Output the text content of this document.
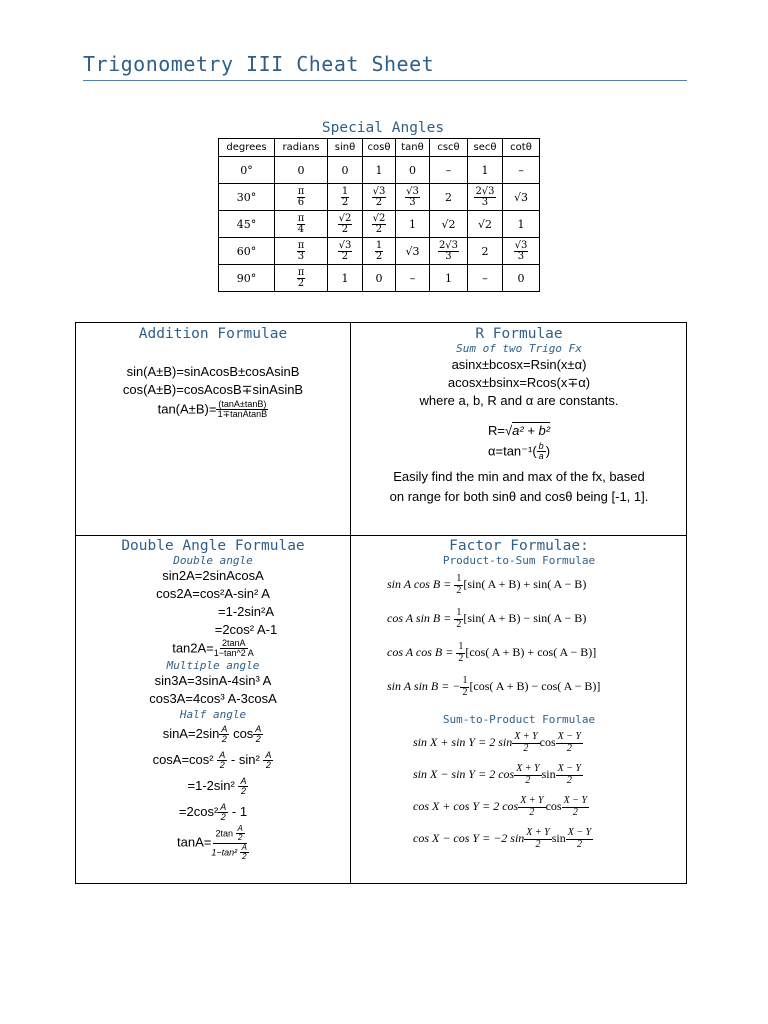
Trigonometry III Cheat Sheet
Special Angles
degrees	radians	sinθ	cosθ	tanθ	cscθ	secθ	cotθ
0°	0	0	1	0	–	1	–
30°	$\frac{\pi}{6}$	$\frac{1}{2}$	$\frac{√3}{2}$	$\frac{√3}{3}$	2	$\frac{2√3}{3}$	√3
45°	$\frac{\pi}{4}$	$\frac{√2}{2}$	$\frac{√2}{2}$	1	√2	√2	1
60°	$\frac{\pi}{3}$	$\frac{√3}{2}$	$\frac{1}{2}$	√3	$\frac{2√3}{3}$	2	$\frac{√3}{3}$

90°	$\frac{\pi}{2}$	1	0	–	1	–	0
Addition Formulae
sin(A±B)=sinAcosB±cosAsinB
cos(A±B)=cosAcosB∓sinAsinB
$\tan(A\pm B)= \frac{(\tan A\pm\tan B)}{\text{1∓tanAtanB}}$
R Formulae
Sum of two Trigo Fx
asinx±bcosx=Rsin(x±α)
acosx±bsinx=Rcos(x∓α)
where a, b, R and α are constants.
R=√a² + b²
$\alpha=\tan^{-1}( \frac{b}{a}$ )
Easily find the min and max of the fx, based
on range for both sinθ and cosθ being [-1, 1].
Double Angle Formulae
Double angle
sin2A=2sinAcosA
cos2A=cos²A-sin² A
=1-2sin²A
=2cos² A-1
$\tan 2A= \frac{2\tan A}{1-\tan\^{}2 A}$
Multiple angle
sin3A=3sinA-4sin³ A
cos3A=4cos³ A-3cosA
Half angle
$\sin A=2\sin \frac{A}{2}$ $\cos \frac{A}{2}$
$\cos A=\cos^2 \frac{A}{2} - \sin^2 \frac{A}{2}$
$=1-2\sin^2 \frac{A}{2}$
$=2\cos^2 \frac{A}{2} - 1$
$\tan A= \frac{2\tan \frac{A}{2}}{1-\tan^2 \frac{A}{2}}$
Factor Formulae:
Product-to-Sum Formulae
sin A $\cos B = \frac{1}{2} [\sin$( A + B) + sin( A − B)
cos A $\sin B = \frac{1}{2} [\sin$( A + B) − sin( A − B)
cos A $\cos B = \frac{1}{2} [\cos$( A + B) + cos( A − B)]
sin A sin B = − $\frac{1}{2} [\cos$( A + B) − cos( A − B)]
Sum-to-Product Formulae
sin X + sin Y = 2 $\sin \frac{X + Y}{2}$ $\cos \frac{X - Y}{2}$
sin X − sin Y = 2 $\cos \frac{X + Y}{2}$ $\sin \frac{X - Y}{2}$
cos X + cos Y = 2 $\cos \frac{X + Y}{2}$ $\cos \frac{X - Y}{2}$
cos X − cos Y = −2 $\sin \frac{X + Y}{2}$ $\sin \frac{X - Y}{2}$
